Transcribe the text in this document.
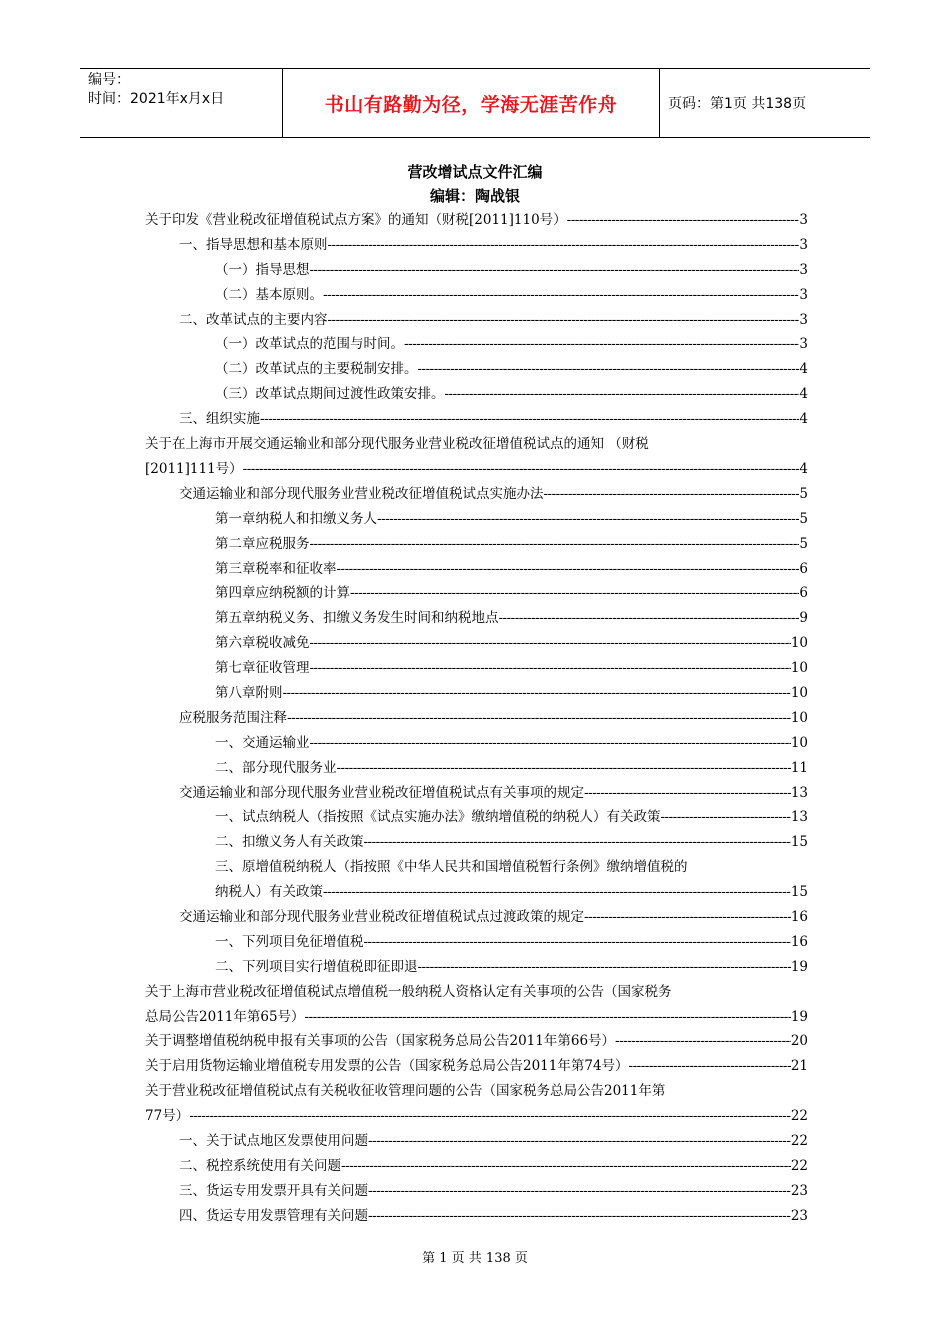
编号：
时间：2021年x月x日	书山有路勤为径，学海无涯苦作舟	页码：第1页 共138页
营改增试点文件汇编
编辑：陶战银
关于印发《营业税改征增值税试点方案》的通知（财税[2011]110号） -----	3
一、指导思想和基本原则 -----	3
（一）指导思想 -----	3
（二）基本原则。 -----	3
二、改革试点的主要内容 -----	3
（一）改革试点的范围与时间。 -----	3
（二）改革试点的主要税制安排。 -----	4
（三）改革试点期间过渡性政策安排。 -----	4
三、组织实施 -----	4
关于在上海市开展交通运输业和部分现代服务业营业税改征增值税试点的通知 （财税
[2011]111号） -----	4
交通运输业和部分现代服务业营业税改征增值税试点实施办法 -----	5
第一章纳税人和扣缴义务人 -----	5
第二章应税服务 -----	5
第三章税率和征收率 -----	6
第四章应纳税额的计算 -----	6
第五章纳税义务、扣缴义务发生时间和纳税地点 -----	9
第六章税收减免 -----	10
第七章征收管理 -----	10
第八章附则 -----	10
应税服务范围注释 -----	10
一、交通运输业 -----	10
二、部分现代服务业 -----	11
交通运输业和部分现代服务业营业税改征增值税试点有关事项的规定 -----	13
一、试点纳税人（指按照《试点实施办法》缴纳增值税的纳税人）有关政策 -----	13
二、扣缴义务人有关政策 -----	15
三、原增值税纳税人（指按照《中华人民共和国增值税暂行条例》缴纳增值税的
纳税人）有关政策 -----	15
交通运输业和部分现代服务业营业税改征增值税试点过渡政策的规定 -----	16
一、下列项目免征增值税 -----	16
二、下列项目实行增值税即征即退 -----	19
关于上海市营业税改征增值税试点增值税一般纳税人资格认定有关事项的公告（国家税务
总局公告2011年第65号） -----	19
关于调整增值税纳税申报有关事项的公告（国家税务总局公告2011年第66号） -----	20
关于启用货物运输业增值税专用发票的公告（国家税务总局公告2011年第74号） -----	21
关于营业税改征增值税试点有关税收征收管理问题的公告（国家税务总局公告2011年第
77号） -----	22
一、关于试点地区发票使用问题 -----	22
二、税控系统使用有关问题 -----	22
三、货运专用发票开具有关问题 -----	23
四、货运专用发票管理有关问题 -----	23
第 1 页 共 138 页
